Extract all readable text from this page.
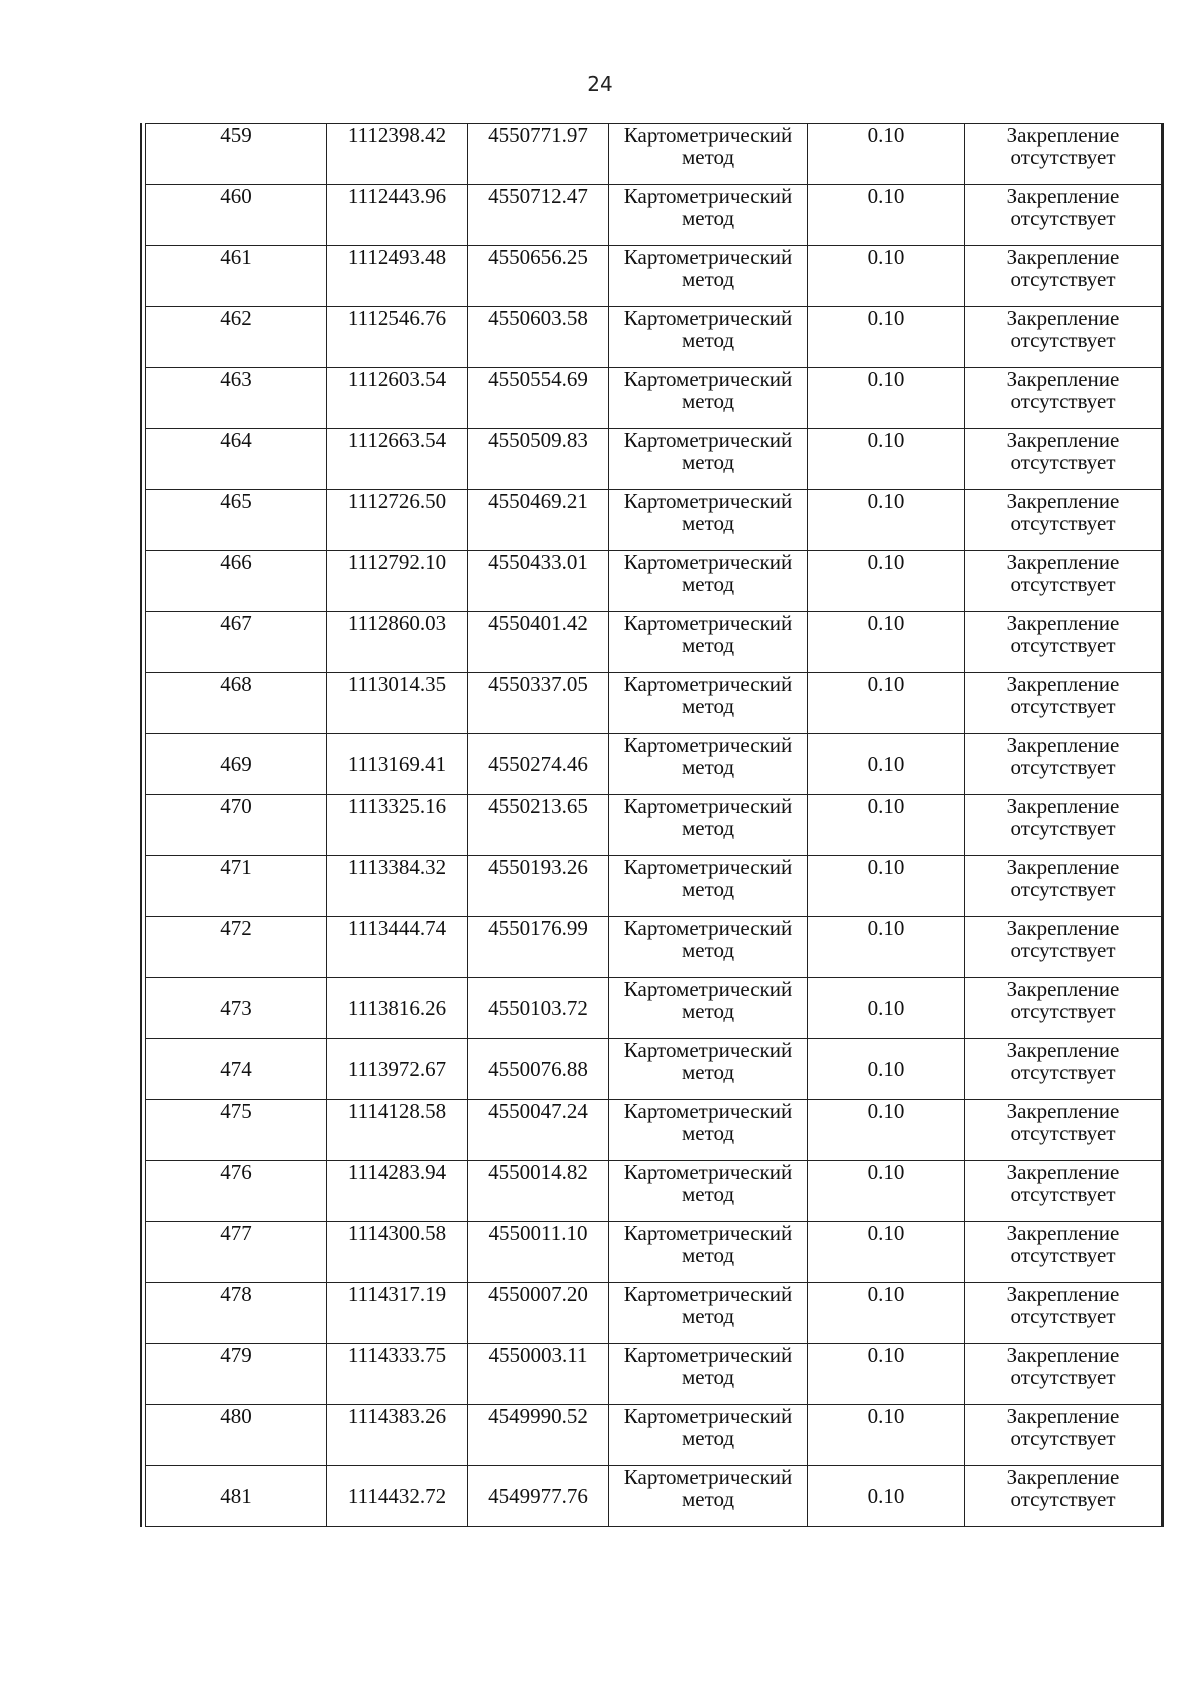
24
459	1112398.42	4550771.97	Картометрический
метод	0.10	Закрепление
отсутствует

460	1112443.96	4550712.47	Картометрический
метод	0.10	Закрепление
отсутствует

461	1112493.48	4550656.25	Картометрический
метод	0.10	Закрепление
отсутствует

462	1112546.76	4550603.58	Картометрический
метод	0.10	Закрепление
отсутствует

463	1112603.54	4550554.69	Картометрический
метод	0.10	Закрепление
отсутствует

464	1112663.54	4550509.83	Картометрический
метод	0.10	Закрепление
отсутствует

465	1112726.50	4550469.21	Картометрический
метод	0.10	Закрепление
отсутствует

466	1112792.10	4550433.01	Картометрический
метод	0.10	Закрепление
отсутствует

467	1112860.03	4550401.42	Картометрический
метод	0.10	Закрепление
отсутствует

468	1113014.35	4550337.05	Картометрический
метод	0.10	Закрепление
отсутствует

469	1113169.41	4550274.46	Картометрический
метод	0.10	Закрепление
отсутствует

470	1113325.16	4550213.65	Картометрический
метод	0.10	Закрепление
отсутствует

471	1113384.32	4550193.26	Картометрический
метод	0.10	Закрепление
отсутствует

472	1113444.74	4550176.99	Картометрический
метод	0.10	Закрепление
отсутствует

473	1113816.26	4550103.72	Картометрический
метод	0.10	Закрепление
отсутствует

474	1113972.67	4550076.88	Картометрический
метод	0.10	Закрепление
отсутствует

475	1114128.58	4550047.24	Картометрический
метод	0.10	Закрепление
отсутствует

476	1114283.94	4550014.82	Картометрический
метод	0.10	Закрепление
отсутствует

477	1114300.58	4550011.10	Картометрический
метод	0.10	Закрепление
отсутствует

478	1114317.19	4550007.20	Картометрический
метод	0.10	Закрепление
отсутствует

479	1114333.75	4550003.11	Картометрический
метод	0.10	Закрепление
отсутствует

480	1114383.26	4549990.52	Картометрический
метод	0.10	Закрепление
отсутствует

481	1114432.72	4549977.76	Картометрический
метод	0.10	Закрепление
отсутствует
